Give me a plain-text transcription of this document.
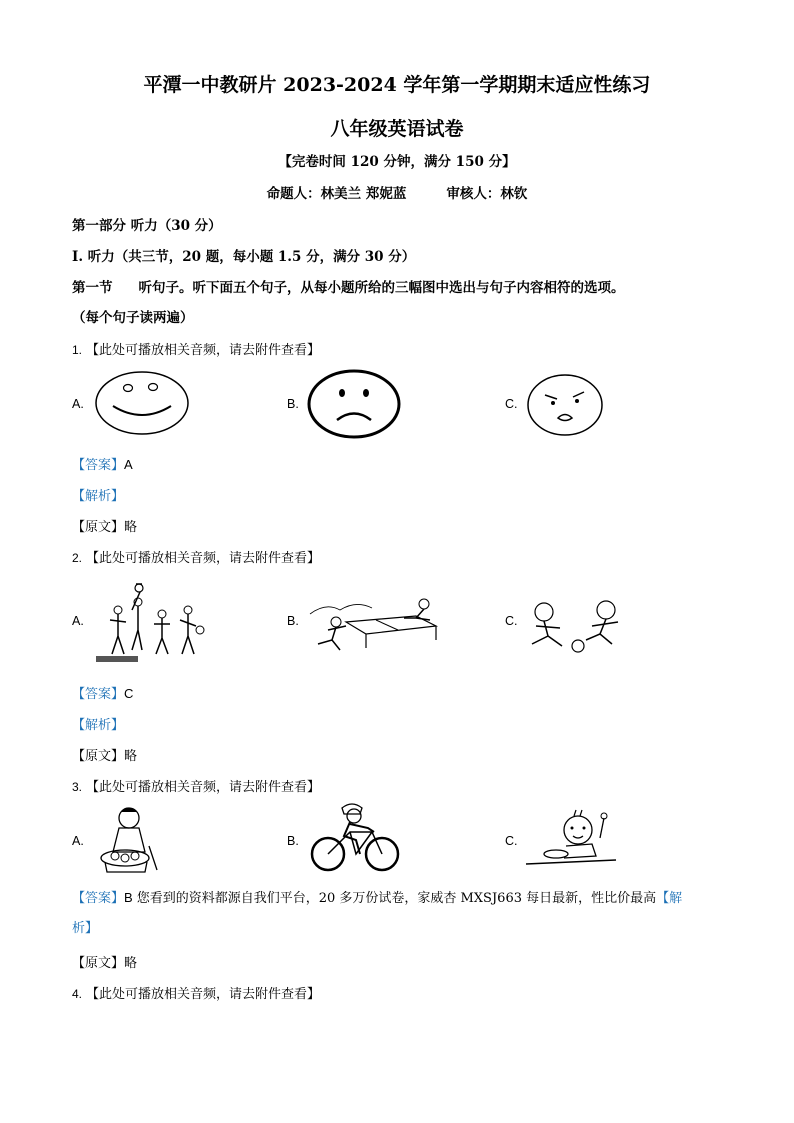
平潭一中教研片 2023-2024 学年第一学期期末适应性练习
八年级英语试卷
【完卷时间 120 分钟，满分 150 分】
命题人：林美兰 郑妮蓝	审核人：林钦
第一部分 听力（30 分）
I. 听力（共三节，20 题，每小题 1.5 分，满分 30 分）
第一节 听句子。听下面五个句子，从每小题所给的三幅图中选出与句子内容相符的选项。
（每个句子读两遍）
1. 【此处可播放相关音频，请去附件查看】
A.	B.	C.
【答案】A
【解析】
【原文】略
2. 【此处可播放相关音频，请去附件查看】
A.	B.	C.
【答案】C
【解析】
【原文】略
3. 【此处可播放相关音频，请去附件查看】
A.	B.	C.
【答案】B 您看到的资料都源自我们平台，20 多万份试卷，家威杏 MXSJ663 每日最新，性比价最高【解
析】
【原文】略
4. 【此处可播放相关音频，请去附件查看】
